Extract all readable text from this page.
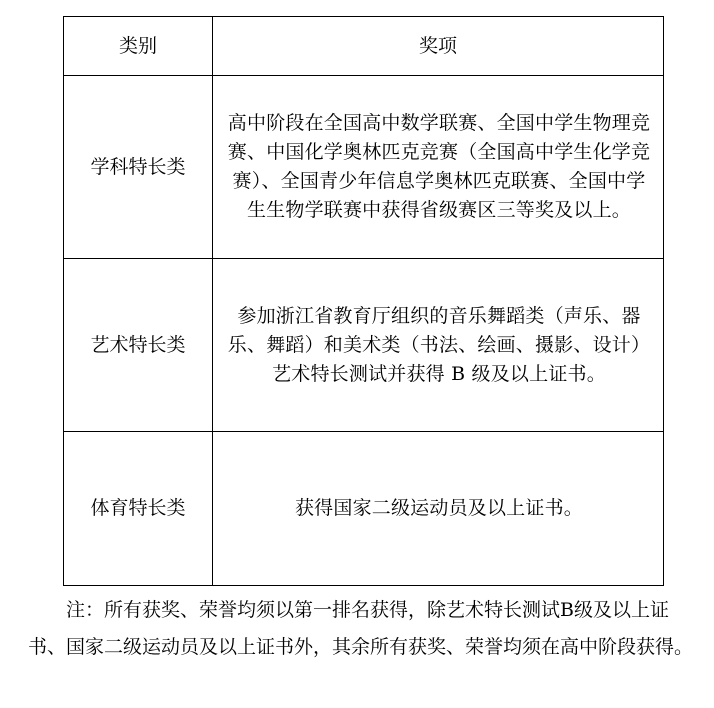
类别	奖项
学科特长类	高中阶段在全国高中数学联赛、全国中学生物理竞赛、中国化学奥林匹克竞赛（全国高中学生化学竞赛）、全国青少年信息学奥林匹克联赛、全国中学生生物学联赛中获得省级赛区三等奖及以上。

艺术特长类	参加浙江省教育厅组织的音乐舞蹈类（声乐、器乐、舞蹈）和美术类（书法、绘画、摄影、设计）艺术特长测试并获得 B 级及以上证书。

体育特长类	获得国家二级运动员及以上证书。

注：所有获奖、荣誉均须以第一排名获得，除艺术特长测试B级及以上证书、国家二级运动员及以上证书外，其余所有获奖、荣誉均须在高中阶段获得。
